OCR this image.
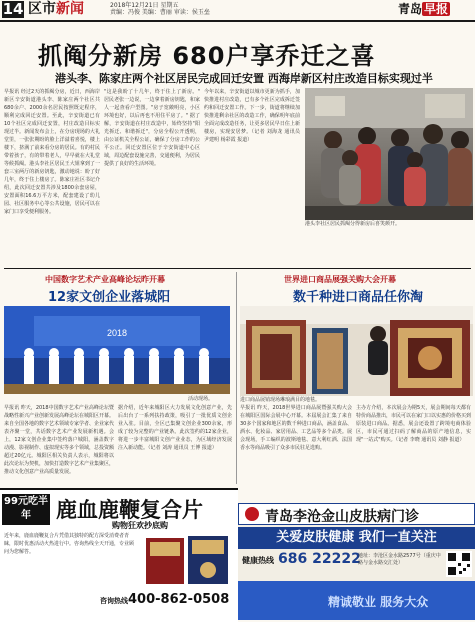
14 区市新闻	2018年12月21日 星期五
责编：冯俊 美编：曹丽 审读：侯玉垒	青岛 早报
抓阄分新房 680户享乔迁之喜
港头李、陈家庄两个社区居民完成回迁安置 西海岸新区村庄改造目标实现过半
早报讯 经过2天的抓阄分房，近日，西海岸新区辛安街道港头李、陈家庄两个社区共680余户、2000余名居民按照既定程序，顺利完成回迁安置。至此，辛安街道已有10个社区完成回迁安置，村庄改造目标实现过半。新闻发布会上，在分房现场的大礼堂里，一张张期盼的脸上洋溢着喜悦，楼上楼下，挤满了前来看分房的居民。有的村民带着孩子，有的带着老人，早早就在大礼堂等候抓阄。港头李社区居民王大姐拿到了一套三室两厅的新房钥匙，激动地说：盼了好几年，终于住上楼房了。陈家庄社区书记介绍，此次回迁安置共涉及1800余套房屋，安置面积16.6万平方米，配套建设了幼儿园、社区服务中心等公共设施，居民可以在家门口享受便利服务。
"这是我盼了十几年，终于住上了新房。" 居民老张一边说，一边拿着新房钥匙，和家人一起查看户型图。"房子宽敞明亮，小区环境也好，以后再也不用住平房了。" 据了解，辛安街道在村庄改造中，始终坚持"阳光拆迁、和谐拆迁"，分房全程公开透明，由公证机关全程公证，确保了分房工作的公平公正。回迁安置区位于辛安街道中心区域，周边配套设施完善，交通便利，为居民提供了良好的生活环境。
今年以来，辛安街道以城市更新为抓手，加快推进村庄改造，已有多个社区完成拆迁签约和回迁安置工作。下一步，街道将继续加快推进剩余社区的改造工作，确保明年底前全面完成改造任务，让更多居民早日住上新楼房，实现安居梦。（记者 刘海龙 通讯员 尹建明 杨彩霞 报道）
港头李社区居民抓阄分得新房后喜笑颜开。
中国数字艺术产业高峰论坛昨开幕
12家文创企业落城阳
2018
活动现场。
早报讯 昨天，2018中国数字艺术产业高峰论坛暨战略性新兴产业创新发展高峰论坛在城阳区开幕。来自全国各地的数字艺术领域专家学者、企业家代表齐聚一堂，共话数字艺术产业发展新机遇。会上，12家文创企业集中签约落户城阳，涵盖数字动漫、影视制作、虚拟现实等多个领域，总投资额超过20亿元。城阳区相关负责人表示，城阳将以此次论坛为契机，加快打造数字艺术产业集聚区，推动文化创意产业高质量发展。
据介绍，近年来城阳区大力发展文化创意产业，先后出台了一系列扶持政策，吸引了一批优质文创企业入驻。目前，全区已集聚文创企业300余家，形成了较为完整的产业链条。此次签约的12家企业，将进一步丰富城阳文创产业业态，为区域经济发展注入新动能。（记者 刘涛 通讯员 王博 报道）
世界进口商品展强关购大会开幕
数千种进口商品任你淘
进口商品展销现场琳琅满目的地毯。
早报讯 昨天，2018世界进口商品展暨强关购大会在城阳区国际会展中心开幕。本届展会汇集了来自30多个国家和地区的数千种进口商品，涵盖食品、酒水、化妆品、家居用品、工艺品等多个品类。展会现场，手工编织的波斯地毯、意大利红酒、法国香水等商品吸引了众多市民驻足选购。
主办方介绍，本次展会为期5天，展会期间每天都有特价商品推出，市民可以在家门口以实惠的价格买到原装进口商品。据悉，展会还设置了跨境电商体验区，市民可通过扫码了解商品的原产地信息，实现"一站式"购买。（记者 李晓 通讯员 刘静 报道）
99元吃半年	鹿血鹿鞭复合片
购物狂欢抄底购
近年来，鹿血鹿鞭复合片凭借其独特的配方深受消费者青睐，限时优惠活动火热进行中。咨询热线全天开通，专业顾问为您解答。
咨询热线 400-862-0508
青岛李沧金山皮肤病门诊
关爱皮肤健康 我们一直关注
健康热线 686 22222
地址：李沧区金水路2577号（重庆中路与金水路交汇处）
精诚敬业 服务大众
